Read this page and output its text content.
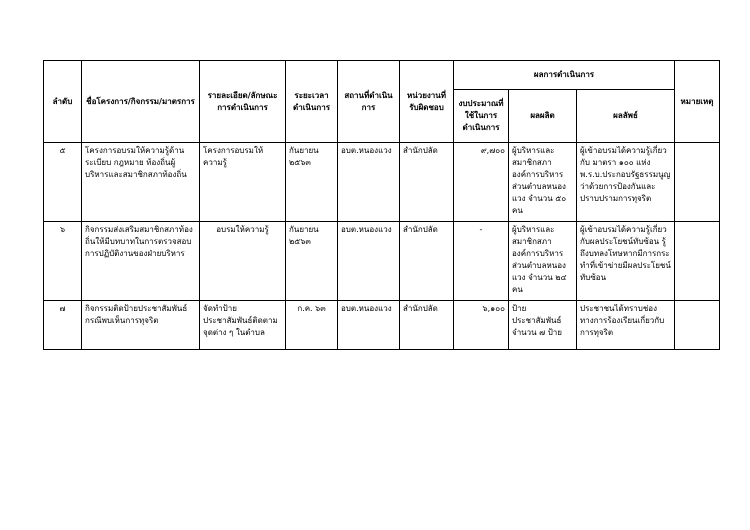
ลำดับ	ชื่อโครงการ/กิจกรรม/มาตรการ	รายละเอียด/ลักษณะการดำเนินการ	ระยะเวลาดำเนินการ	สถานที่ดำเนินการ	หน่วยงานที่รับผิดชอบ	ผลการดำเนินการ			หมายเหตุ
						งบประมาณที่ใช้ในการดำเนินการ	ผลผลิต	ผลลัพธ์	
๕	โครงการอบรมให้ความรู้ด้านระเบียบ กฎหมาย ท้องถิ่นผู้บริหารและสมาชิกสภาท้องถิ่น	โครงการอบรมให้ความรู้	กันยายน ๒๕๖๓	อบต.หนองแวง	สำนักปลัด	๙,๗๐๐	ผู้บริหารและสมาชิกสภาองค์การบริหารส่วนตำบลหนองแวง จำนวน ๕๐ คน	ผู้เข้าอบรมได้ความรู้เกี่ยวกับ มาตรา ๑๐๐ แห่ง พ.ร.บ.ประกอบรัฐธรรมนูญว่าด้วยการป้องกันและปราบปรามการทุจริต	
๖	กิจกรรมส่งเสริมสมาชิกสภาท้องถิ่นให้มีบทบาทในการตรวจสอบการปฏิบัติงานของฝ่ายบริหาร	อบรมให้ความรู้	กันยายน ๒๕๖๓	อบต.หนองแวง	สำนักปลัด	-	ผู้บริหารและสมาชิกสภาองค์การบริหารส่วนตำบลหนองแวง จำนวน ๒๔ คน	ผู้เข้าอบรมได้ความรู้เกี่ยวกับผลประโยชน์ทับซ้อน รู้ถึงบทลงโทษหากมีการกระทำที่เข้าข่ายมีผลประโยชน์ทับซ้อน	
๗	กิจกรรมติดป้ายประชาสัมพันธ์กรณีพบเห็นการทุจริต	จัดทำป้ายประชาสัมพันธ์ติดตามจุดต่าง ๆ ในตำบล	ก.ค. ๖๓	อบต.หนองแวง	สำนักปลัด	๖,๑๐๐	ป้ายประชาสัมพันธ์ จำนวน ๗ ป้าย	ประชาชนได้ทราบช่องทางการร้องเรียนเกี่ยวกับการทุจริต	
